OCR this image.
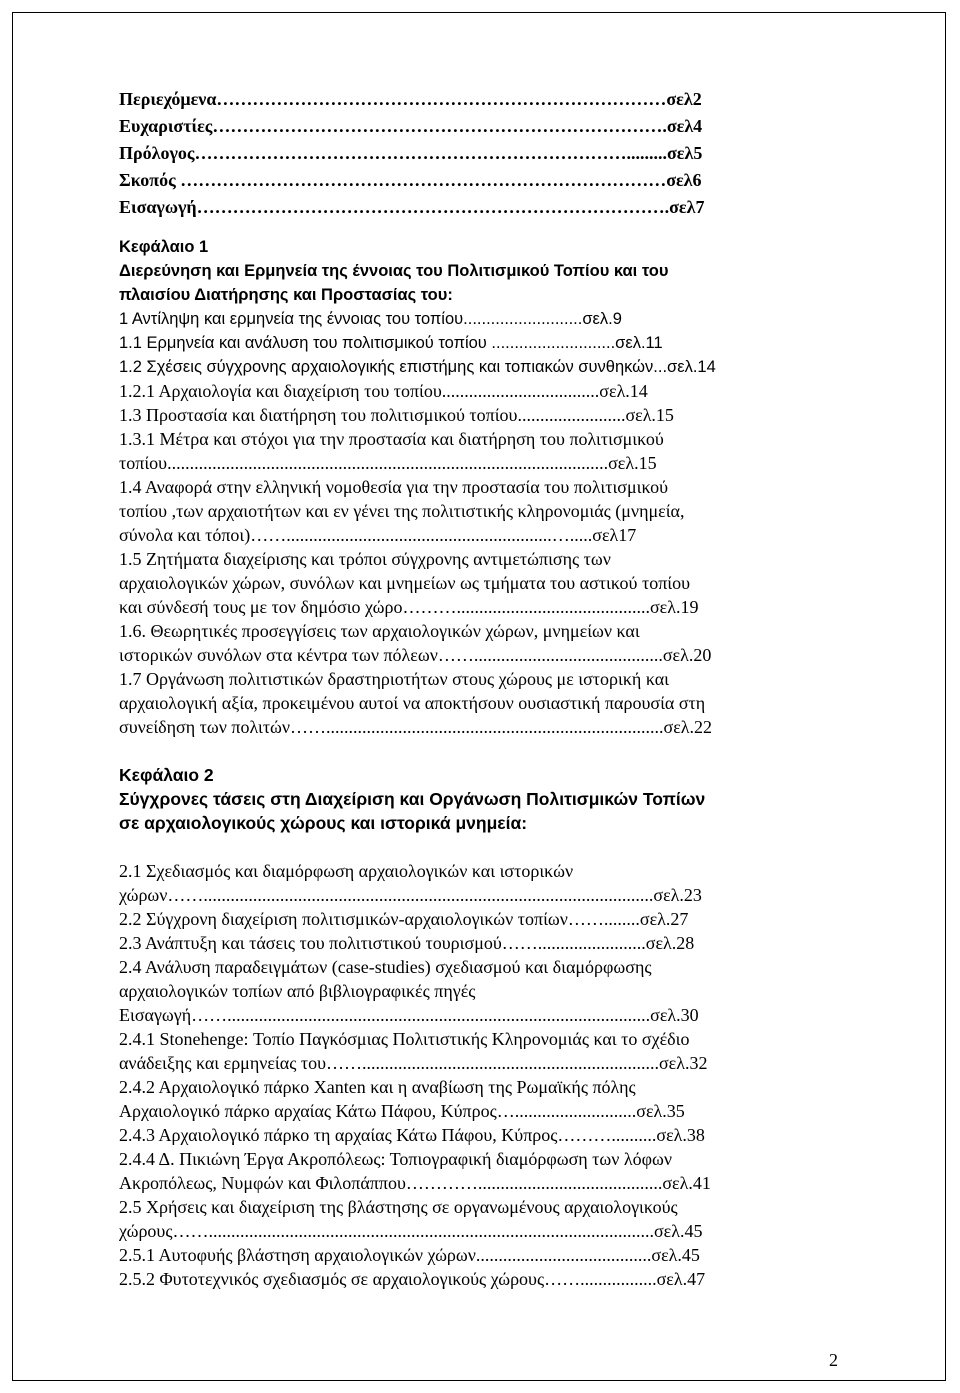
Περιεχόμενα…………………………………………………………………σελ2
Ευχαριστίες………………………………………………………………….σελ4
Πρόλογος……………………………………………………………….........σελ5
Σκοπός ………………………………………………………………………σελ6
Εισαγωγή…………………………………………………………………….σελ7
Κεφάλαιο 1
Διερεύνηση και Ερμηνεία της έννοιας του Πολιτισμικού Τοπίου και του
πλαισίου Διατήρησης και Προστασίας του:
1 Αντίληψη και ερμηνεία της έννοιας του τοπίου..........................σελ.9
1.1 Ερμηνεία και ανάλυση του πολιτισμικού τοπίου ...........................σελ.11
1.2 Σχέσεις σύγχρονης αρχαιολογικής επιστήμης και τοπιακών συνθηκών...σελ.14
1.2.1 Αρχαιολογία και διαχείριση του τοπίου...................................σελ.14
1.3 Προστασία και διατήρηση του πολιτισμικού τοπίου........................σελ.15
1.3.1 Μέτρα και στόχοι για την προστασία και διατήρηση του πολιτισμικού
τοπίου..................................................................................................σελ.15
1.4 Αναφορά στην ελληνική νομοθεσία για την προστασία του πολιτισμικού
τοπίου ,των αρχαιοτήτων και εν γένει της πολιτιστικής κληρονομιάς (μνημεία,
σύνολα και τόποι)……...........................................................….....σελ17
1.5 Ζητήματα διαχείρισης και τρόποι σύγχρονης αντιμετώπισης των
αρχαιολογικών χώρων, συνόλων και μνημείων ως τμήματα του αστικού τοπίου
και σύνδεσή τους με τον δημόσιο χώρο………...........................................σελ.19
1.6. Θεωρητικές προσεγγίσεις των αρχαιολογικών χώρων, μνημείων και
ιστορικών συνόλων στα κέντρα των πόλεων……..........................................σελ.20
1.7 Οργάνωση πολιτιστικών δραστηριοτήτων στους χώρους με ιστορική και
αρχαιολογική αξία, προκειμένου αυτοί να αποκτήσουν ουσιαστική παρουσία στη
συνείδηση των πολιτών……...........................................................................σελ.22
Κεφάλαιο 2
Σύγχρονες τάσεις στη Διαχείριση και Οργάνωση Πολιτισμικών Τοπίων
σε αρχαιολογικούς χώρους και ιστορικά μνημεία:
2.1 Σχεδιασμός και διαμόρφωση αρχαιολογικών και ιστορικών
χώρων……....................................................................................................σελ.23
2.2 Σύγχρονη διαχείριση πολιτισμικών-αρχαιολογικών τοπίων……........σελ.27
2.3 Ανάπτυξη και τάσεις του πολιτιστικού τουρισμού……........................σελ.28
2.4 Ανάλυση παραδειγμάτων (case-studies) σχεδιασμού και διαμόρφωσης
αρχαιολογικών τοπίων από βιβλιογραφικές πηγές
Εισαγωγή……..............................................................................................σελ.30
2.4.1 Stonehenge: Τοπίο Παγκόσμιας Πολιτιστικής Κληρονομιάς και το σχέδιο
ανάδειξης και ερμηνείας του……..................................................................σελ.32
2.4.2 Αρχαιολογικό πάρκο Xanten και η αναβίωση της Ρωμαϊκής πόλης
Αρχαιολογικό πάρκο αρχαίας Κάτω Πάφου, Κύπρος…...........................σελ.35
2.4.3 Αρχαιολογικό πάρκο τη αρχαίας Κάτω Πάφου, Κύπρος………..........σελ.38
2.4.4 Δ. Πικιώνη Έργα Ακροπόλεως: Τοπιογραφική διαμόρφωση των λόφων
Ακροπόλεως, Νυμφών και Φιλοπάππου………….........................................σελ.41
2.5 Χρήσεις και διαχείριση της βλάστησης σε οργανωμένους αρχαιολογικούς
χώρους……...................................................................................................σελ.45
2.5.1 Αυτοφυής βλάστηση αρχαιολογικών χώρων.......................................σελ.45
2.5.2 Φυτοτεχνικός σχεδιασμός σε αρχαιολογικούς χώρους…….................σελ.47
2
